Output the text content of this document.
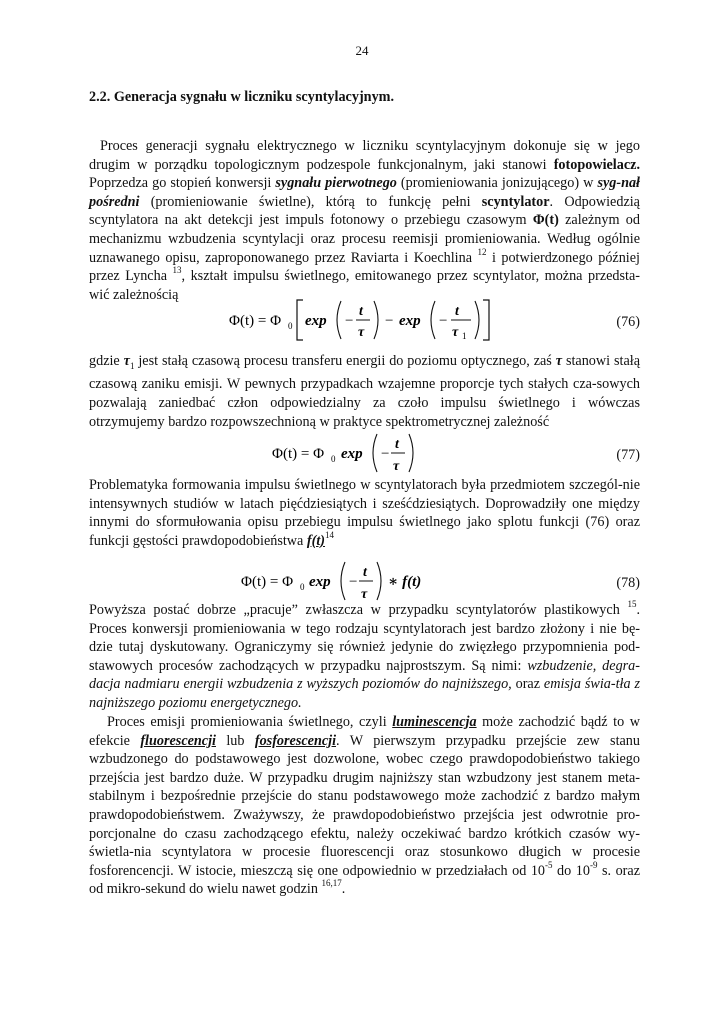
24
2.2. Generacja sygnału w liczniku scyntylacyjnym.

Proces generacji sygnału elektrycznego w liczniku scyntylacyjnym dokonuje się w jego drugim w porządku topologicznym podzespole funkcjonalnym, jaki stanowi fotopowielacz. Poprzedza go stopień konwersji sygnału pierwotnego (promieniowania jonizującego) w syg-nał pośredni (promieniowanie świetlne), którą to funkcję pełni scyntylator. Odpowiedzią scyntylatora na akt detekcji jest impuls fotonowy o przebiegu czasowym Φ(t) zależnym od mechanizmu wzbudzenia scyntylacji oraz procesu reemisji promieniowania. Według ogólnie uznawanego opisu, zaproponowanego przez Raviarta i Koechlina $^{12}$ i potwierdzonego później przez Lyncha $^{13}$, kształt impulsu świetlnego, emitowanego przez scyntylator, można przedsta-wić zależnością

Φ(t) = Φ 0 exp −
t
τ
− exp −
t
τ 1
(76)

gdzie $\tau_1$ jest stałą czasową procesu transferu energii do poziomu optycznego, zaś τ stanowi stałą czasową zaniku emisji. W pewnych przypadkach wzajemne proporcje tych stałych cza-sowych pozwalają zaniedbać człon odpowiedzialny za czoło impulsu świetlnego i wówczas otrzymujemy bardzo rozpowszechnioną w praktyce spektrometrycznej zależność

Φ(t) = Φ 0 exp −
t
τ
(77)

Problematyka formowania impulsu świetlnego w scyntylatorach była przedmiotem szczegól-nie intensywnych studiów w latach pięćdziesiątych i sześćdziesiątych. Doprowadziły one między innymi do sformułowania opisu przebiegu impulsu świetlnego jako splotu funkcji (76) oraz funkcji gęstości prawdopodobieństwa $f(t)^{14}$

Φ(t) = Φ 0 exp −
t
τ
∗ f(t)	(78)

Powyższa postać dobrze „pracuje” zwłaszcza w przypadku scyntylatorów plastikowych $^{15}$. Proces konwersji promieniowania w tego rodzaju scyntylatorach jest bardzo złożony i nie bę-dzie tutaj dyskutowany. Ograniczymy się również jedynie do zwięzłego przypomnienia pod-stawowych procesów zachodzących w przypadku najprostszym. Są nimi: wzbudzenie, degra-dacja nadmiaru energii wzbudzenia z wyższych poziomów do najniższego, oraz emisja świa-tła z najniższego poziomu energetycznego.

Proces emisji promieniowania świetlnego, czyli luminescencja może zachodzić bądź to w efekcie fluorescencji lub fosforescencji. W pierwszym przypadku przejście zew stanu wzbudzonego do podstawowego jest dozwolone, wobec czego prawdopodobieństwo takiego przejścia jest bardzo duże. W przypadku drugim najniższy stan wzbudzony jest stanem meta-stabilnym i bezpośrednie przejście do stanu podstawowego może zachodzić z bardzo małym prawdopodobieństwem. Zważywszy, że prawdopodobieństwo przejścia jest odwrotnie pro-porcjonalne do czasu zachodzącego efektu, należy oczekiwać bardzo krótkich czasów wy-świetla-nia scyntylatora w procesie fluorescencji oraz stosunkowo długich w procesie fosforencencji. W istocie, mieszczą się one odpowiednio w przedziałach od $10^{-5}$ do $10^{-9}$ s. oraz od mikro-sekund do wielu nawet godzin $^{16,17}$.
